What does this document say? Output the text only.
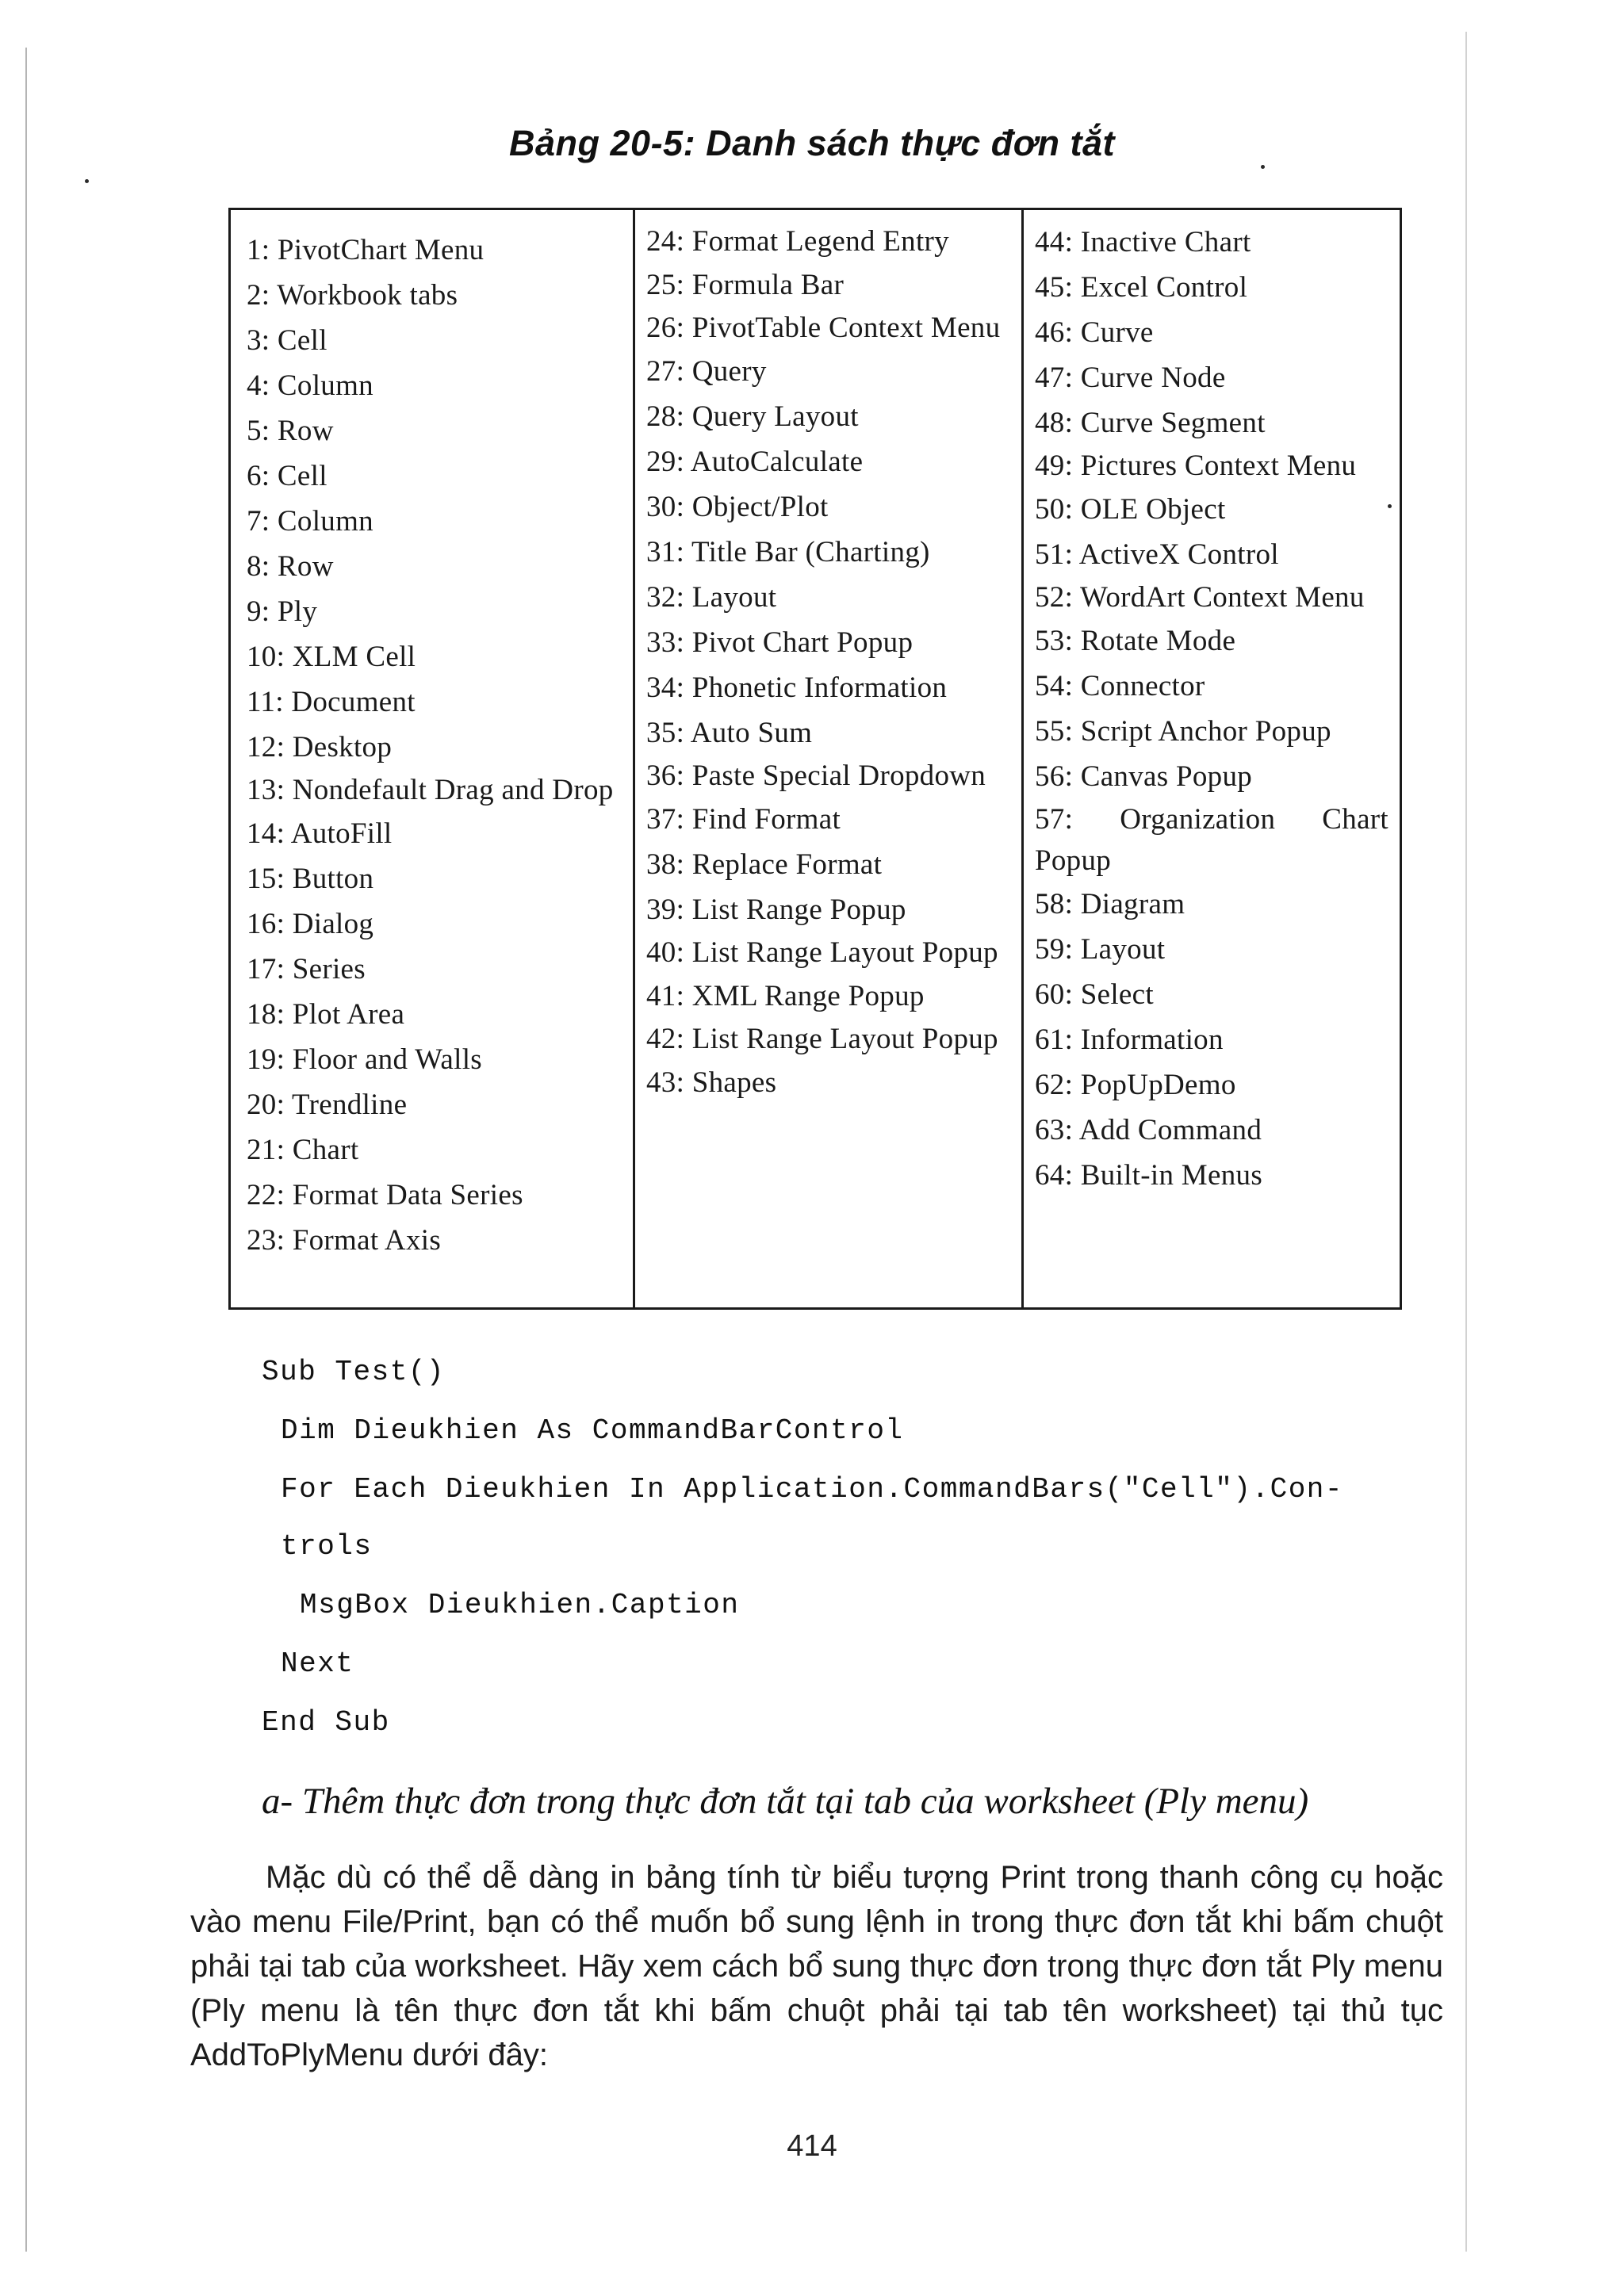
Bảng 20-5: Danh sách thực đơn tắt
1: PivotChart Menu
2: Workbook tabs
3: Cell
4: Column
5: Row
6: Cell
7: Column
8: Row
9: Ply
10: XLM Cell
11: Document
12: Desktop
13: Nondefault Drag and Drop
14: AutoFill
15: Button
16: Dialog
17: Series
18: Plot Area
19: Floor and Walls
20: Trendline
21: Chart
22: Format Data Series
23: Format Axis
24: Format Legend Entry
25: Formula Bar
26: PivotTable Context Menu
27: Query
28: Query Layout
29: AutoCalculate
30: Object/Plot
31: Title Bar (Charting)
32: Layout
33: Pivot Chart Popup
34: Phonetic Information
35: Auto Sum
36: Paste Special Dropdown
37: Find Format
38: Replace Format
39: List Range Popup
40: List Range Layout Popup
41: XML Range Popup
42: List Range Layout Popup
43: Shapes
44: Inactive Chart
45: Excel Control
46: Curve
47: Curve Node
48: Curve Segment
49: Pictures Context Menu
50: OLE Object
51: ActiveX Control
52: WordArt Context Menu
53: Rotate Mode
54: Connector
55: Script Anchor Popup
56: Canvas Popup
57: Organization Chart Popup
58: Diagram
59: Layout
60: Select
61: Information
62: PopUpDemo
63: Add Command
64: Built-in Menus
Sub Test()
Dim Dieukhien As CommandBarControl
For Each Dieukhien In Application.CommandBars("Cell").Con-
trols
MsgBox Dieukhien.Caption
Next
End Sub
a- Thêm thực đơn trong thực đơn tắt tại tab của worksheet (Ply menu)
Mặc dù có thể dễ dàng in bảng tính từ biểu tượng Print trong thanh công cụ hoặc vào menu File/Print, bạn có thể muốn bổ sung lệnh in trong thực đơn tắt khi bấm chuột phải tại tab của worksheet. Hãy xem cách bổ sung thực đơn trong thực đơn tắt Ply menu (Ply menu là tên thực đơn tắt khi bấm chuột phải tại tab tên worksheet) tại thủ tục AddToPlyMenu dưới đây:
414
